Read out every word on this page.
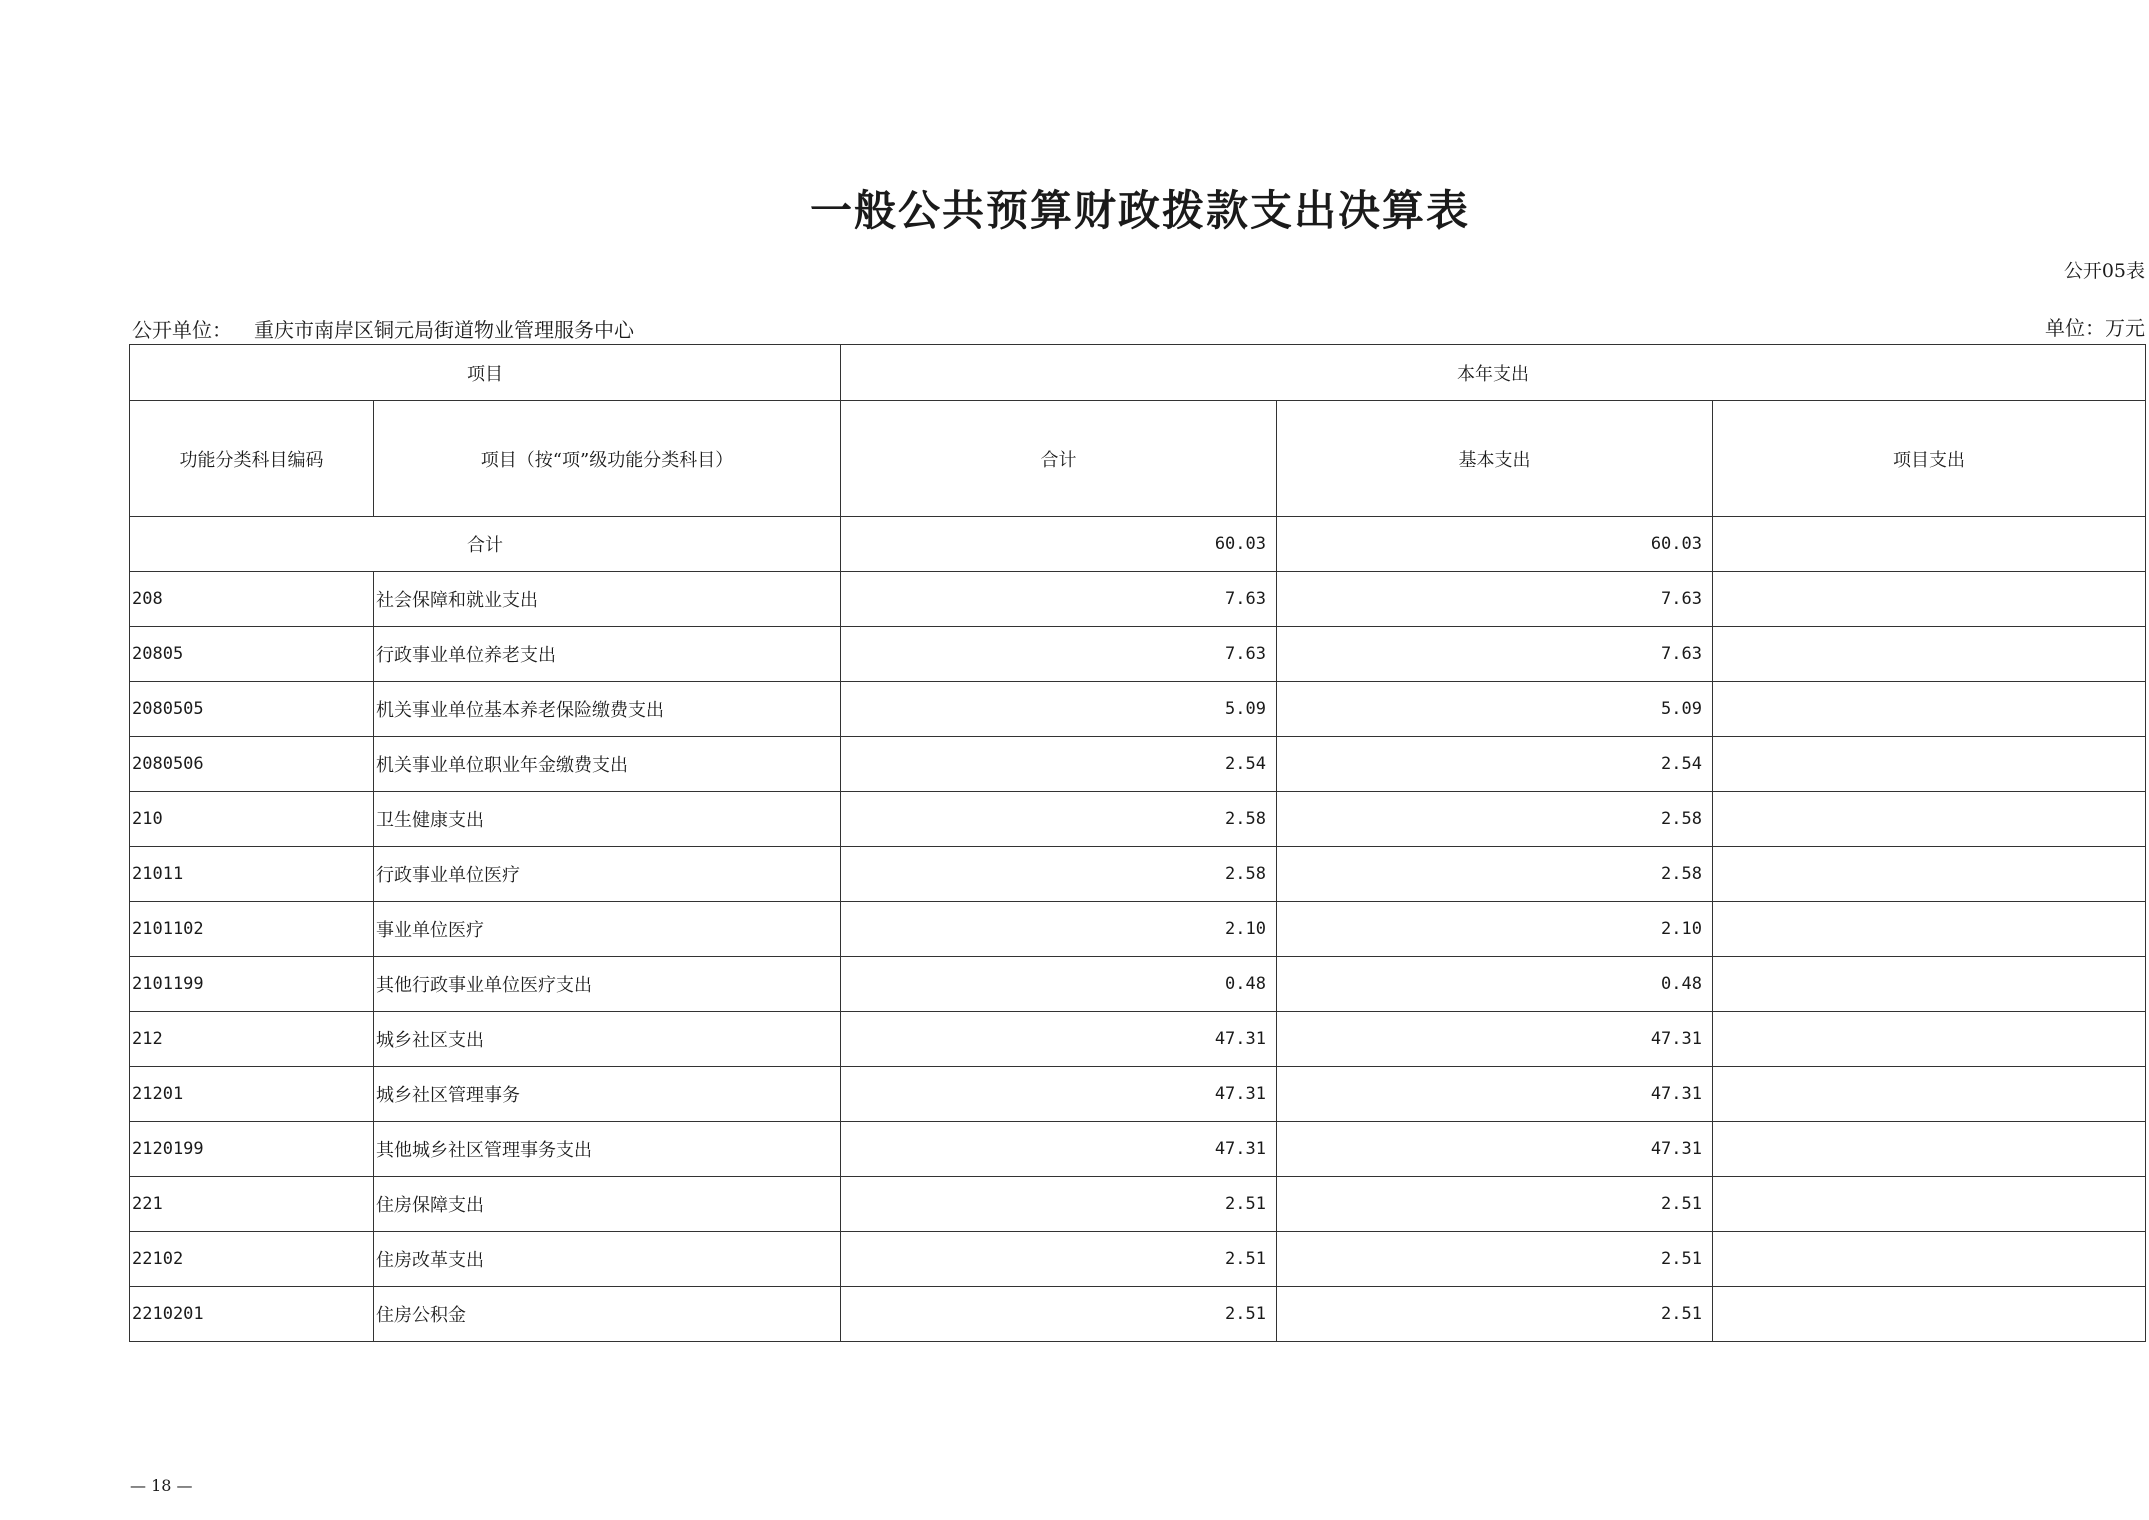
一般公共预算财政拨款支出决算表
公开05表
公开单位： 重庆市南岸区铜元局街道物业管理服务中心	单位：万元
项目		本年支出		
功能分类科目编码	项目（按“项”级功能分类科目）	合计	基本支出	项目支出
合计		60.03	60.03	
208	社会保障和就业支出	7.63	7.63	
20805	行政事业单位养老支出	7.63	7.63	
2080505	机关事业单位基本养老保险缴费支出	5.09	5.09	
2080506	机关事业单位职业年金缴费支出	2.54	2.54	
210	卫生健康支出	2.58	2.58	
21011	行政事业单位医疗	2.58	2.58	
2101102	事业单位医疗	2.10	2.10	
2101199	其他行政事业单位医疗支出	0.48	0.48	
212	城乡社区支出	47.31	47.31	
21201	城乡社区管理事务	47.31	47.31	
2120199	其他城乡社区管理事务支出	47.31	47.31	
221	住房保障支出	2.51	2.51	
22102	住房改革支出	2.51	2.51	
2210201	住房公积金	2.51	2.51	
— 18 —
